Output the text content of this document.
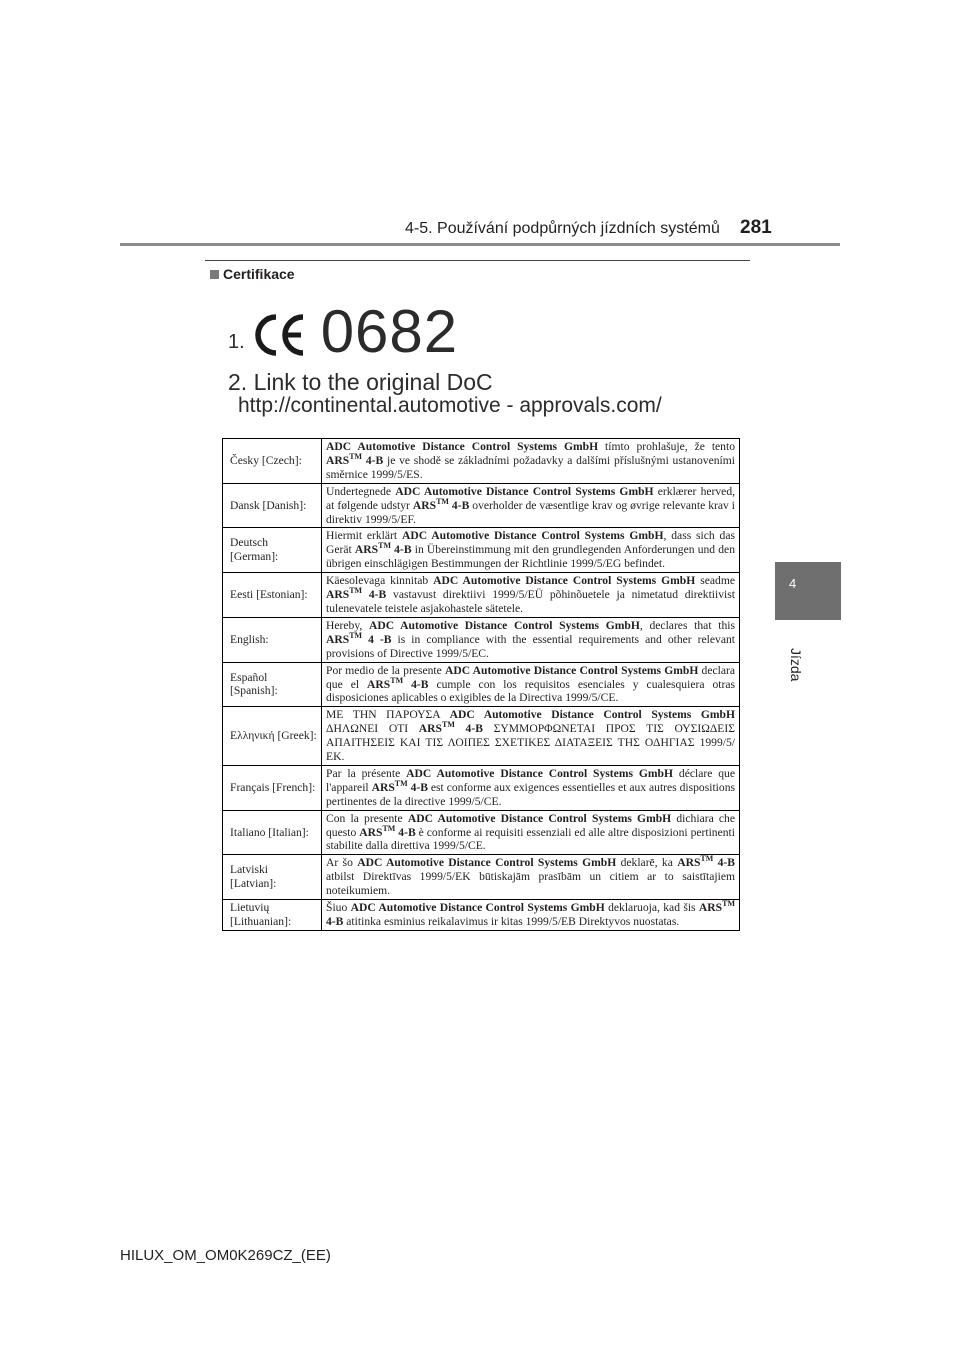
4-5. Používání podpůrných jízdních systémů 281
4
Jízda
Certifikace
1. 0682
2. Link to the original DoC
http://continental.automotive - approvals.com/
Česky [Czech]:	ADC Automotive Distance Control Systems GmbH tímto prohlašuje, že tento ARS™ 4-B je ve shodě se základními požadavky a dalšími příslušnými ustanoveními směrnice 1999/5/ES.
Dansk [Danish]:	Undertegnede ADC Automotive Distance Control Systems GmbH erklærer herved, at følgende udstyr ARS™ 4-B overholder de væsentlige krav og øvrige relevante krav i direktiv 1999/5/EF.
Deutsch [German]:	Hiermit erklärt ADC Automotive Distance Control Systems GmbH, dass sich das Gerät ARS™ 4-B in Übereinstimmung mit den grundlegenden Anforderungen und den übrigen einschlägigen Bestimmungen der Richtlinie 1999/5/EG befindet.
Eesti [Estonian]:	Käesolevaga kinnitab ADC Automotive Distance Control Systems GmbH seadme ARS™ 4-B vastavust direktiivi 1999/5/EÜ põhinõuetele ja nimetatud direktiivist tulenevatele teistele asjakohastele sätetele.
English:	Hereby, ADC Automotive Distance Control Systems GmbH, declares that this ARS™ 4 -B is in compliance with the essential requirements and other relevant provisions of Directive 1999/5/EC.
Español [Spanish]:	Por medio de la presente ADC Automotive Distance Control Systems GmbH declara que el ARS™ 4-B cumple con los requisitos esenciales y cualesquiera otras disposiciones aplicables o exigibles de la Directiva 1999/5/CE.
Ελληνική [Greek]:	ΜΕ ΤΗΝ ΠΑΡΟΥΣΑ ADC Automotive Distance Control Systems GmbH ΔΗΛΩΝΕΙ ΟΤΙ ARS™ 4-B ΣΥΜΜΟΡΦΩΝΕΤΑΙ ΠΡΟΣ ΤΙΣ ΟΥΣΙΩΔΕΙΣ ΑΠΑΙΤΗΣΕΙΣ ΚΑΙ ΤΙΣ ΛΟΙΠΕΣ ΣΧΕΤΙΚΕΣ ΔΙΑΤΑΞΕΙΣ ΤΗΣ ΟΔΗΓΙΑΣ 1999/5/ΕΚ.
Français [French]:	Par la présente ADC Automotive Distance Control Systems GmbH déclare que l'appareil ARS™ 4-B est conforme aux exigences essentielles et aux autres dispositions pertinentes de la directive 1999/5/CE.
Italiano [Italian]:	Con la presente ADC Automotive Distance Control Systems GmbH dichiara che questo ARS™ 4-B è conforme ai requisiti essenziali ed alle altre disposizioni pertinenti stabilite dalla direttiva 1999/5/CE.
Latviski [Latvian]:	Ar šo ADC Automotive Distance Control Systems GmbH deklarē, ka ARS™ 4-B atbilst Direktīvas 1999/5/EK būtiskajām prasībām un citiem ar to saistītajiem noteikumiem.
Lietuvių [Lithuanian]:	Šiuo ADC Automotive Distance Control Systems GmbH deklaruoja, kad šis ARS™ 4-B atitinka esminius reikalavimus ir kitas 1999/5/EB Direktyvos nuostatas.
HILUX_OM_OM0K269CZ_(EE)
